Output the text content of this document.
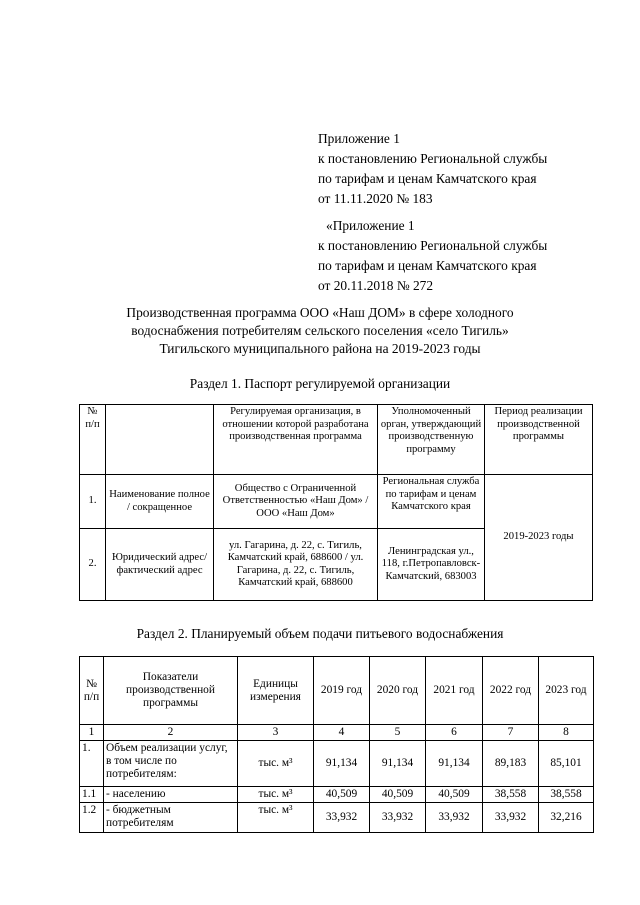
Приложение 1
к постановлению Региональной службы
по тарифам и ценам Камчатского края
от 11.11.2020 № 183
«Приложение 1
к постановлению Региональной службы
по тарифам и ценам Камчатского края
от 20.11.2018 № 272
Производственная программа ООО «Наш ДОМ» в сфере холодного
водоснабжения потребителям сельского поселения «село Тигиль»
Тигильского муниципального района на 2019-2023 годы
Раздел 1. Паспорт регулируемой организации
№ п/п		Регулируемая организация, в отношении которой разработана производственная программа	Уполномоченный орган, утверждающий производственную программу	Период реализации производственной программы
1.	Наименование полное / сокращенное	Общество с Ограниченной Ответственностью «Наш Дом» / ООО «Наш Дом»	Региональная служба по тарифам и ценам Камчатского края	2019-2023 годы
2.	Юридический адрес/фактический адрес	ул. Гагарина, д. 22, с. Тигиль, Камчатский край, 688600 / ул. Гагарина, д. 22, с. Тигиль, Камчатский край, 688600	Ленинградская ул., 118, г.Петропавловск-Камчатский, 683003	
Раздел 2. Планируемый объем подачи питьевого водоснабжения
№ п/п	Показатели производственной программы	Единицы измерения	2019 год	2020 год	2021 год	2022 год	2023 год
1	2	3	4	5	6	7	8
1.	Объем реализации услуг, в том числе по потребителям:	тыс. м³	91,134	91,134	91,134	89,183	85,101
1.1	- населению	тыс. м³	40,509	40,509	40,509	38,558	38,558
1.2	- бюджетным потребителям	тыс. м³	33,932	33,932	33,932	33,932	32,216
